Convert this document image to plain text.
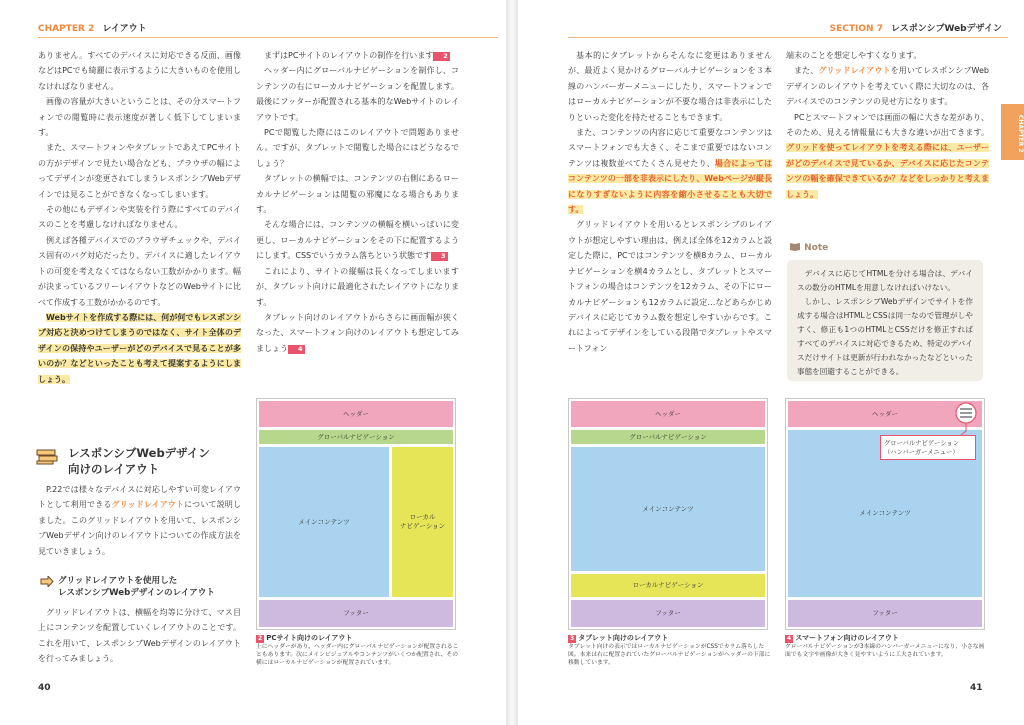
CHAPTER 2 レイアウト

ありません。すべてのデバイスに対応できる反面、画像などはPCでも綺麗に表示するように大きいものを使用しなければなりません。

画像の容量が大きいということは、その分スマートフォンでの閲覧時に表示速度が著しく低下してしまいます。

また、スマートフォンやタブレットであえてPCサイトの方がデザインで見たい場合なども、ブラウザの幅によってデザインが変更されてしまうレスポンシブWebデザインでは見ることができなくなってしまいます。

その他にもデザインや実装を行う際にすべてのデバイスのことを考慮しなければなりません。

例えば各種デバイスでのブラウザチェックや、デバイス固有のバグ対応だったり、デバイスに適したレイアウトの可変を考えなくてはならない工数がかかります。幅が決まっているフリーレイアウトなどのWebサイトに比べて作成する工数がかかるのです。

Webサイトを作成する際には、何が何でもレスポンシブ対応と決めつけてしまうのではなく、サイト全体のデザインの保持やユーザーがどのデバイスで見ることが多いのか？などといったことも考えて提案するようにしましょう。

レスポンシブWebデザイン
向けのレイアウト

P.22では様々なデバイスに対応しやすい可変レイアウトとして利用できるグリッドレイアウトについて説明しました。このグリッドレイアウトを用いて、レスポンシブWebデザイン向けのレイアウトについての作成方法を見ていきましょう。

グリッドレイアウトを使用した
レスポンシブWebデザインのレイアウト

グリッドレイアウトは、横幅を均等に分けて、マス目上にコンテンツを配置していくレイアウトのことです。これを用いて、レスポンシブWebデザインのレイアウトを行ってみましょう。

まずはPCサイトのレイアウトの制作を行います 2

ヘッダー内にグローバルナビゲーションを制作し、コンテンツの右にローカルナビゲーションを配置します。最後にフッターが配置される基本的なWebサイトのレイアウトです。

PCで閲覧した際にはこのレイアウトで問題ありません。ですが、タブレットで閲覧した場合にはどうなるでしょう？

タブレットの横幅では、コンテンツの右側にあるローカルナビゲーションは閲覧の邪魔になる場合もあります。

そんな場合には、コンテンツの横幅を横いっぱいに変更し、ローカルナビゲーションをその下に配置するようにします。CSSでいうカラム落ちという状態です 3

これにより、サイトの縦幅は長くなってしまいますが、タブレット向けに最適化されたレイアウトになります。

タブレット向けのレイアウトからさらに画面幅が狭くなった、スマートフォン向けのレイアウトも想定してみましょう 4

ヘッダー
グローバルナビゲーション
メインコンテンツ
ローカル
ナビゲーション
フッター
2 PCサイト向けのレイアウト
上にヘッダーがあり、ヘッダー内にグローバルナビゲーションが配置されることもあります。次にメインビジュアルやコンテンツがいくつか配置され、その横にはローカルナビゲーションが配置されています。
40
SECTION 7 レスポンシブWebデザイン

基本的にタブレットからそんなに変更はありませんが、最近よく見かけるグローバルナビゲーションを３本線のハンバーガーメニューにしたり、スマートフォンではローカルナビゲーションが不要な場合は非表示にしたりといった変化を持たせることもできます。

また、コンテンツの内容に応じて重要なコンテンツはスマートフォンでも大きく、そこまで重要ではないコンテンツは複数並べてたくさん見せたり、場合によってはコンテンツの一部を非表示にしたり、Webページが縦長になりすぎないように内容を縮小させることも大切です。

グリッドレイアウトを用いるとレスポンシブのレイアウトが想定しやすい理由は、例えば全体を12カラムと設定した際に、PCではコンテンツを横8カラム、ローカルナビゲーションを横4カラムとし、タブレットとスマートフォンの場合はコンテンツを12カラム、その下にローカルナビゲーションも12カラムに設定…などあらかじめデバイスに応じてカラム数を想定しやすいからです。これによってデザインをしている段階でタブレットやスマートフォン

端末のことを想定しやすくなります。

また、グリッドレイアウトを用いてレスポンシブWebデザインのレイアウトを考えていく際に大切なのは、各デバイスでのコンテンツの見せ方になります。

PCとスマートフォンでは画面の幅に大きな差があり、そのため、見える情報量にも大きな違いが出てきます。グリッドを使ってレイアウトを考える際には、ユーザーがどのデバイスで見ているか、デバイスに応じたコンテンツの幅を確保できているか？などをしっかりと考えましょう。

Note

デバイスに応じてHTMLを分ける場合は、デバイスの数分のHTMLを用意しなければいけない。

しかし、レスポンシブWebデザインでサイトを作成する場合はHTMLとCSSは同一なので管理がしやすく、修正も1つのHTMLとCSSだけを修正すればすべてのデバイスに対応できるため、特定のデバイスだけサイトは更新が行われなかったなどといった事態を回避することができる。

CHAPTER 2
ヘッダー
グローバルナビゲーション
メインコンテンツ
ローカルナビゲーション
フッター
3 タブレット向けのレイアウト
タブレット向けの表示ではローカルナビゲーションがCSSでカラム落ちした図。本来は右に配置されていたグローバルナビゲーションがヘッダーの下部に移動しています。
ヘッダー
メインコンテンツ
フッター
グローバルナビゲーション
（ハンバーガーメニュー）
4 スマートフォン向けのレイアウト
グローバルナビゲーションが3本線のハンバーガーメニューになり、小さな画面でも文字や画像が大きく見やすいように工夫されています。
41
